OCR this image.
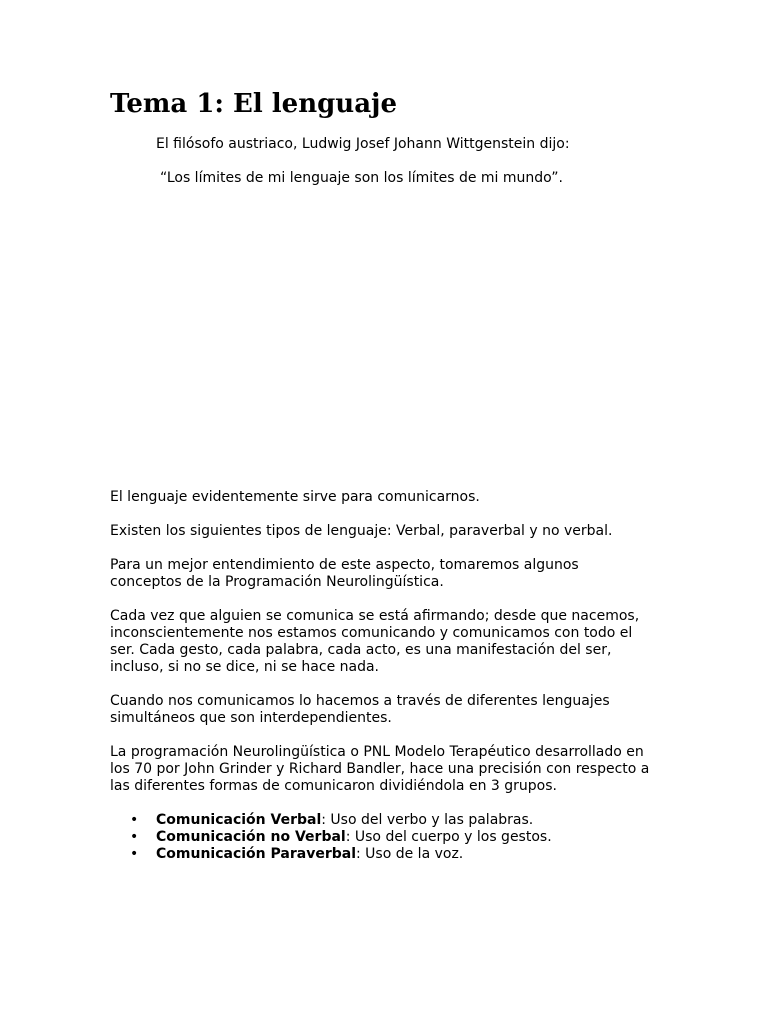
Tema 1: El lenguaje

El filósofo austriaco, Ludwig Josef Johann Wittgenstein dijo:

“Los límites de mi lenguaje son los límites de mi mundo”.

El lenguaje evidentemente sirve para comunicarnos.

Existen los siguientes tipos de lenguaje: Verbal, paraverbal y no verbal.

Para un mejor entendimiento de este aspecto, tomaremos algunos conceptos de la Programación Neurolingüística.

Cada vez que alguien se comunica se está afirmando; desde que nacemos, inconscientemente nos estamos comunicando y comunicamos con todo el ser. Cada gesto, cada palabra, cada acto, es una manifestación del ser, incluso, si no se dice, ni se hace nada.

Cuando nos comunicamos lo hacemos a través de diferentes lenguajes simultáneos que son interdependientes.

La programación Neurolingüística o PNL Modelo Terapéutico desarrollado en los 70 por John Grinder y Richard Bandler, hace una precisión con respecto a las diferentes formas de comunicaron dividiéndola en 3 grupos.

• Comunicación Verbal: Uso del verbo y las palabras.
• Comunicación no Verbal: Uso del cuerpo y los gestos.
• Comunicación Paraverbal: Uso de la voz.
